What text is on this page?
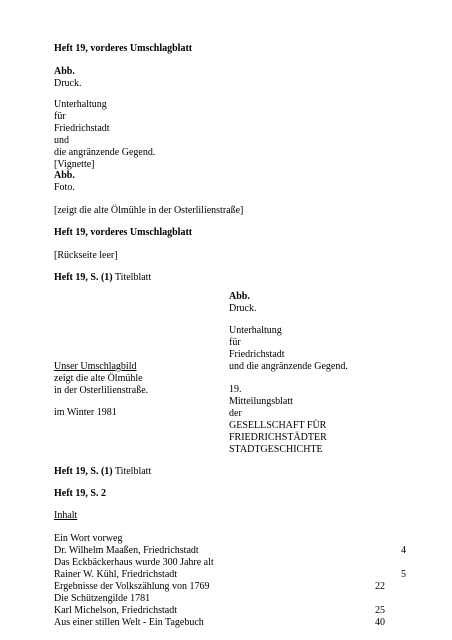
Heft 19, vorderes Umschlagblatt
Abb.
Druck.
Unterhaltung
für
Friedrichstadt
und
die angränzende Gegend.
[Vignette]
Abb.
Foto.
[zeigt die alte Ölmühle in der Osterlilienstraße]
Heft 19, vorderes Umschlagblatt
[Rückseite leer]
Heft 19, S. (1) Titelblatt
Abb.
Druck.
Unterhaltung
für
Friedrichstadt
und die angränzende Gegend.
Unser Umschlagbild
zeigt die alte Ölmühle
in der Osterlilienstraße.	19.
Mitteilungsblatt
im Winter 1981	der
GESELLSCHAFT FÜR
FRIEDRICHSTÄDTER
STADTGESCHICHTE
Heft 19, S. (1) Titelblatt
Heft 19, S. 2
Inhalt
Ein Wort vorweg
Dr. Wilhelm Maaßen, Friedrichstadt	4
Das Eckbäckerhaus wurde 300 Jahre alt
Rainer W. Kühl, Friedrichstadt	5
Ergebnisse der Volkszählung von 1769	22
Die Schützengilde 1781
Karl Michelson, Friedrichstadt	25
Aus einer stillen Welt - Ein Tagebuch	40
